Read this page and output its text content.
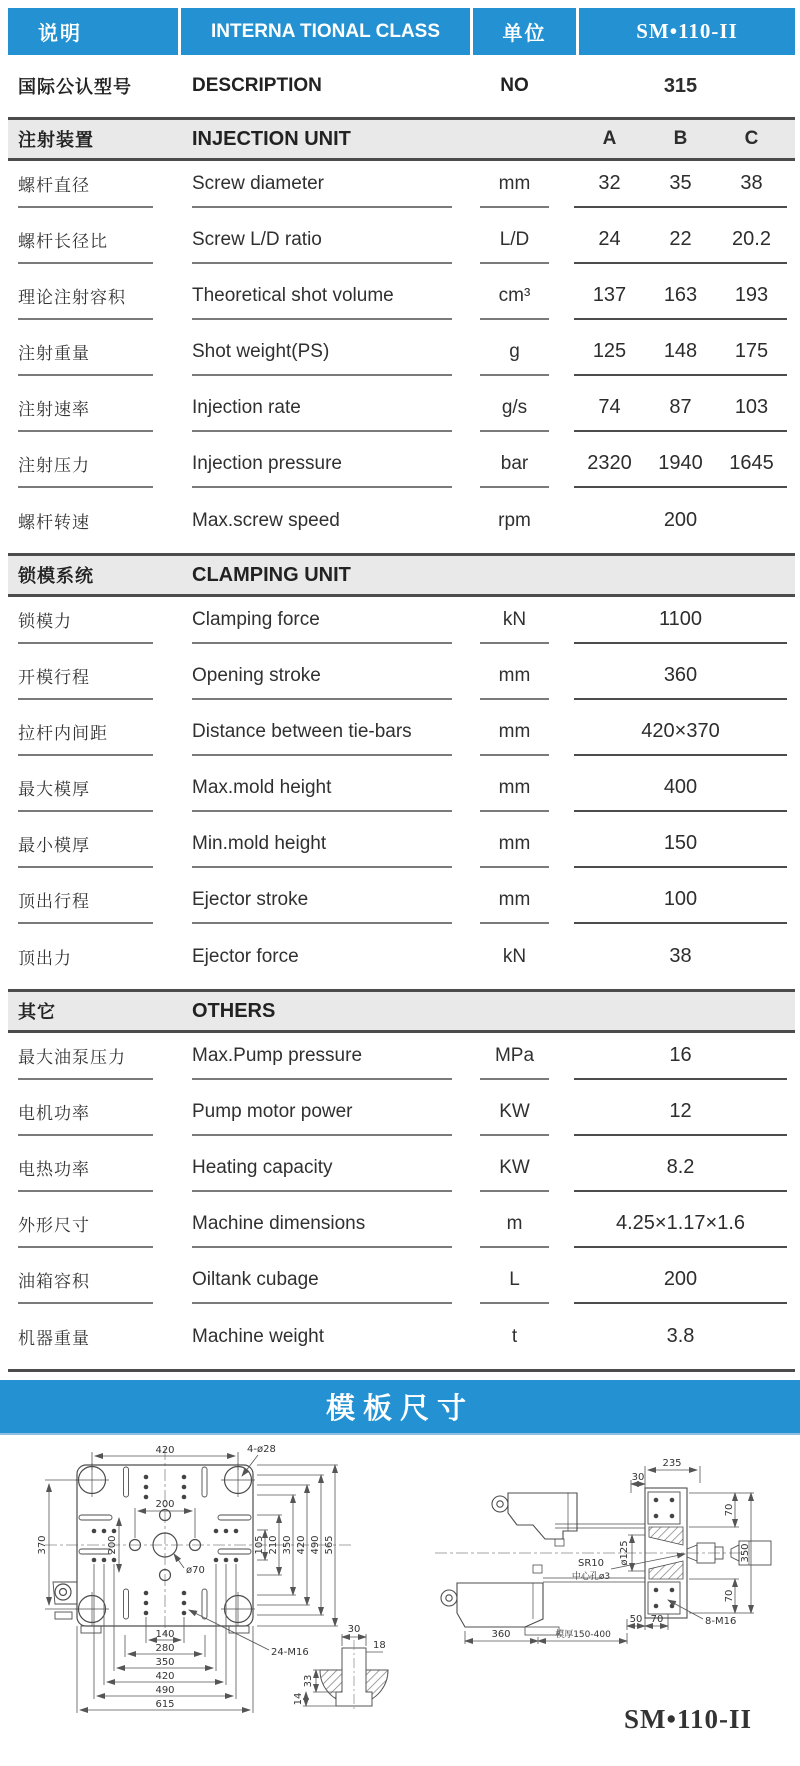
说明	INTERNA TIONAL CLASS	单位	SM•110-II
国际公认型号	DESCRIPTION	NO	315
注射装置	INJECTION UNIT	A	B	C
螺杆直径	Screw diameter	mm	32	35	38
螺杆长径比	Screw L/D ratio	L/D	24	22	20.2
理论注射容积	Theoretical shot volume	cm³	137	163	193
注射重量	Shot weight(PS)	g	125	148	175
注射速率	Injection rate	g/s	74	87	103
注射压力	Injection pressure	bar	2320	1940	1645
螺杆转速	Max.screw speed	rpm	200
锁模系统	CLAMPING UNIT
锁模力	Clamping force	kN	1100
开模行程	Opening stroke	mm	360
拉杆内间距	Distance between tie-bars	mm	420×370
最大模厚	Max.mold height	mm	400
最小模厚	Min.mold height	mm	150
顶出行程	Ejector stroke	mm	100
顶出力	Ejector force	kN	38
其它	OTHERS
最大油泵压力	Max.Pump pressure	MPa	16
电机功率	Pump motor power	KW	12
电热功率	Heating capacity	KW	8.2
外形尺寸	Machine dimensions	m	4.25×1.17×1.6
油箱容积	Oiltank cubage	L	200
机器重量	Machine weight	t	3.8
模板尺寸
420	4-ø28
370
200
200
ø70
105 210 350 420 490 565
140
280
350
420
490
615
24-M16
30
18
33
14
235
30
70
70
350
ø125
SR10
中心孔ø3
50 70	8-M16
360	模厚150-400
SM•110-II
